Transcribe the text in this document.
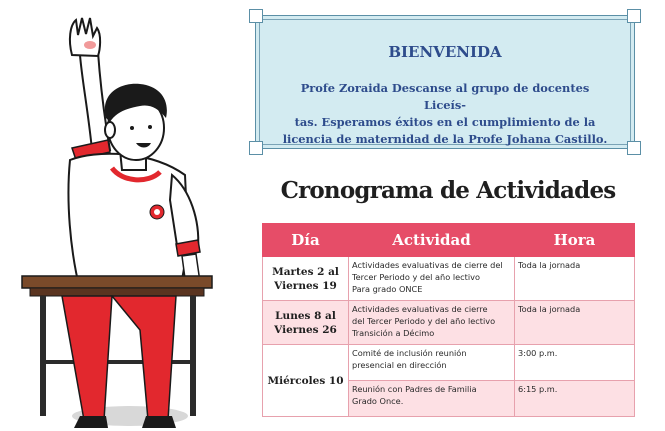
BIENVENIDA
Profe Zoraida Descanse al grupo de docentes Liceís-
tas. Esperamos éxitos en el cumplimiento de la
licencia de maternidad de la Profe Johana Castillo.
Cronograma de Actividades
Día	Actividad	Hora

Martes 2 al
Viernes 19	Actividades evaluativas de cierre del
Tercer Periodo y del año lectivo
Para grado ONCE	Toda la jornada

Lunes 8 al
Viernes 26	Actividades evaluativas de cierre
del Tercer Periodo y del año lectivo
Transición a Décimo	Toda la jornada

Miércoles 10	Comité de inclusión reunión
presencial en dirección	3:00 p.m.

	Reunión con Padres de Familia
Grado Once.	6:15 p.m.
